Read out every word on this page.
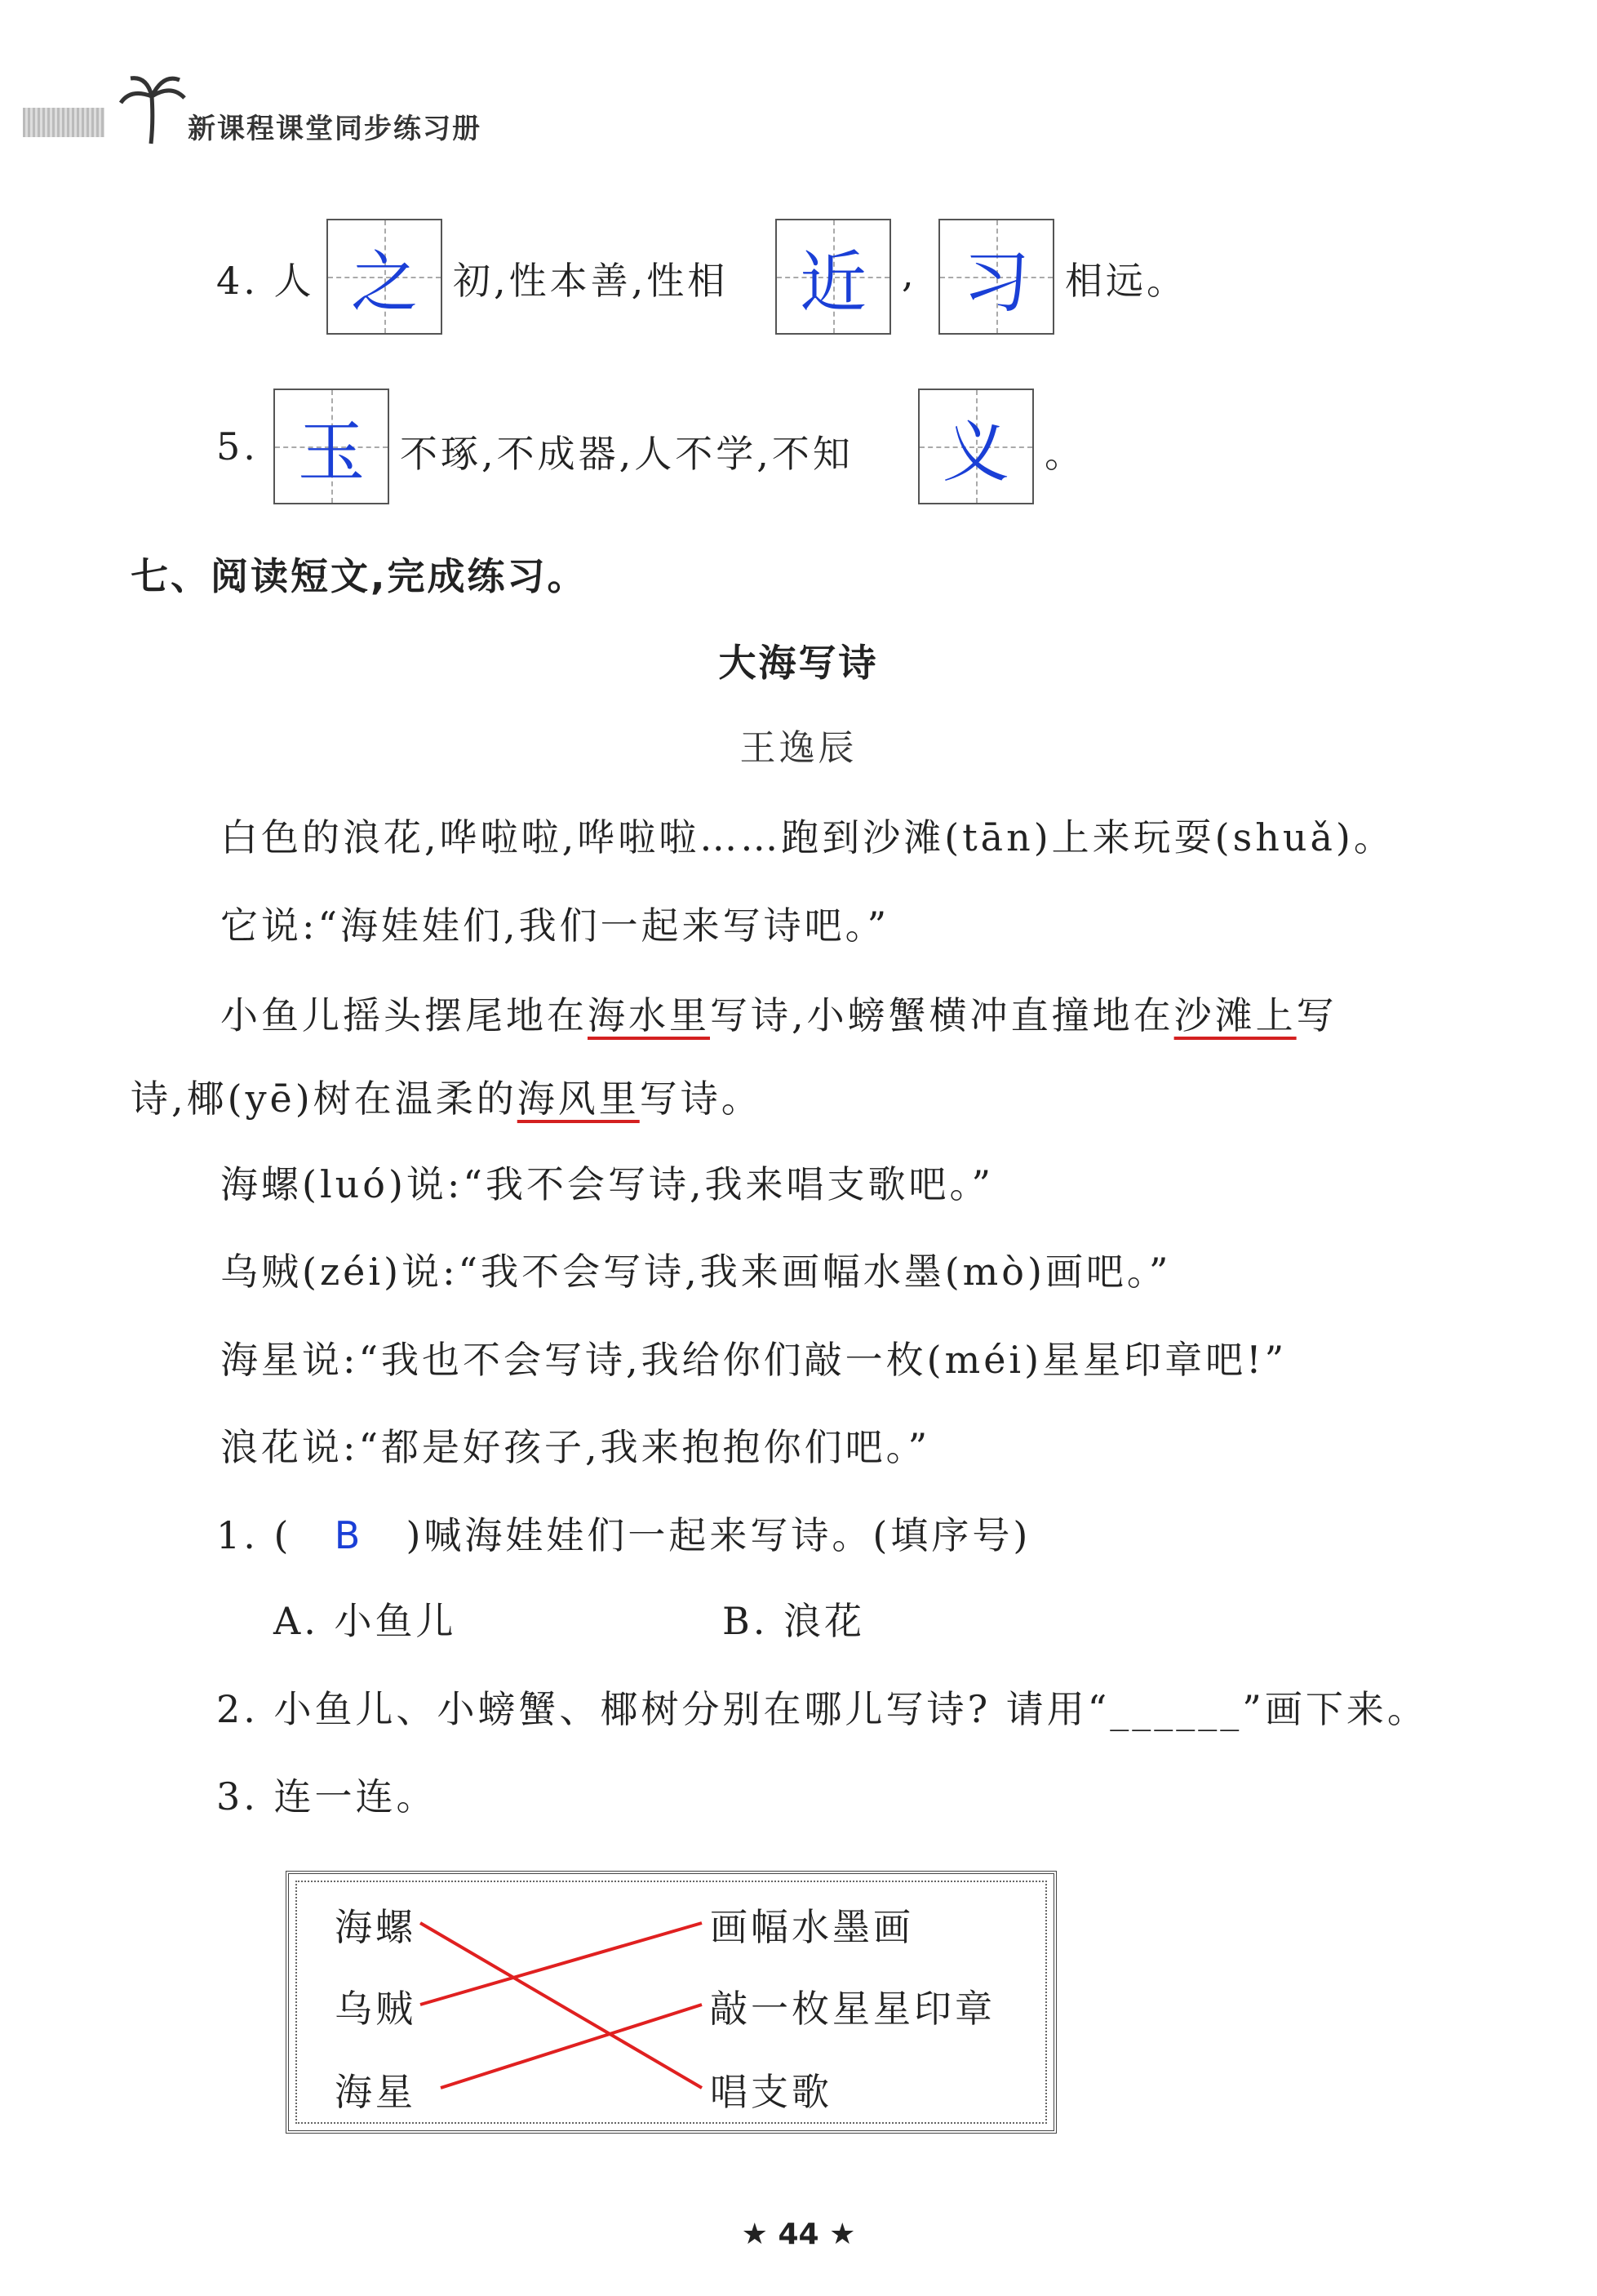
新课程课堂同步练习册
4. 人 之 初,性本善,性相	近 , 习 相远。
5. 玉 不琢,不成器,人不学,不知	义 。
七、阅读短文,完成练习。
大海写诗
王逸辰
白色的浪花,哗啦啦,哗啦啦……跑到沙滩(tān)上来玩耍(shuǎ)。
它说:“海娃娃们,我们一起来写诗吧。”
小鱼儿摇头摆尾地在海水里写诗,小螃蟹横冲直撞地在沙滩上写
诗,椰(yē)树在温柔的海风里写诗。
海螺(luó)说:“我不会写诗,我来唱支歌吧。”
乌贼(zéi)说:“我不会写诗,我来画幅水墨(mò)画吧。”
海星说:“我也不会写诗,我给你们敲一枚(méi)星星印章吧!”
浪花说:“都是好孩子,我来抱抱你们吧。”
1. ( B )喊海娃娃们一起来写诗。(填序号)
A. 小鱼儿	B. 浪花
2. 小鱼儿、小螃蟹、椰树分别在哪儿写诗? 请用“______”画下来。
3. 连一连。
海螺
乌贼
海星
画幅水墨画
敲一枚星星印章
唱支歌
★ 44 ★
